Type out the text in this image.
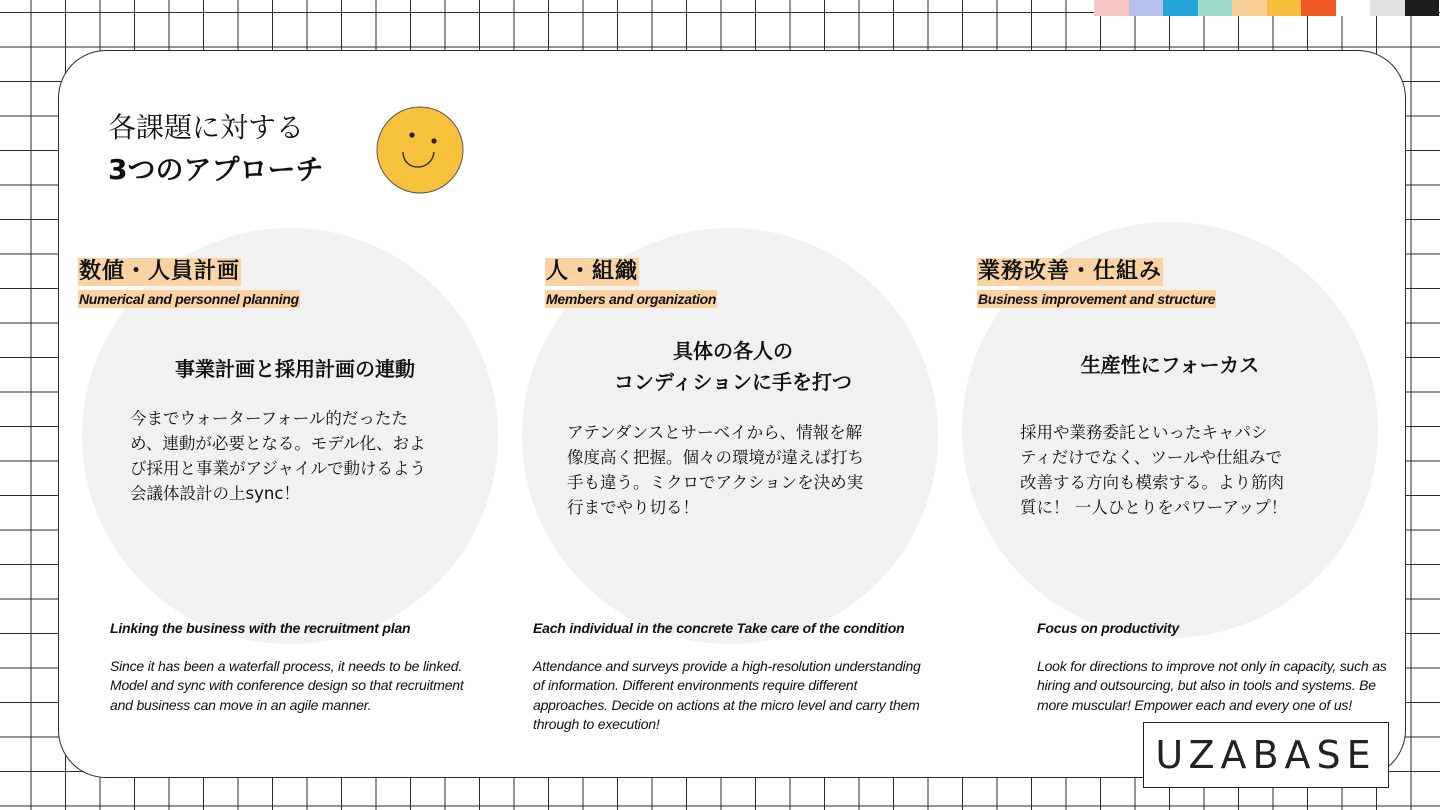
各課題に対する
3つのアプローチ
数値・人員計画
Numerical and personnel planning
事業計画と採用計画の連動
今までウォーターフォール的だったた
め、連動が必要となる。モデル化、およ
び採用と事業がアジャイルで動けるよう
会議体設計の上sync！
Linking the business with the recruitment plan
Since it has been a waterfall process, it needs to be linked. Model and sync with conference design so that recruitment and business can move in an agile manner.
人・組織
Members and organization
具体の各人の
コンディションに手を打つ
アテンダンスとサーベイから、情報を解
像度高く把握。個々の環境が違えば打ち
手も違う。ミクロでアクションを決め実
行までやり切る！
Each individual in the concrete Take care of the condition
Attendance and surveys provide a high-resolution understanding of information. Different environments require different approaches. Decide on actions at the micro level and carry them through to execution!
業務改善・仕組み
Business improvement and structure
生産性にフォーカス
採用や業務委託といったキャパシ
ティだけでなく、ツールや仕組みで
改善する方向も模索する。より筋肉
質に！ 一人ひとりをパワーアップ！
Focus on productivity
Look for directions to improve not only in capacity, such as hiring and outsourcing, but also in tools and systems. Be more muscular! Empower each and every one of us!
UZABASE
